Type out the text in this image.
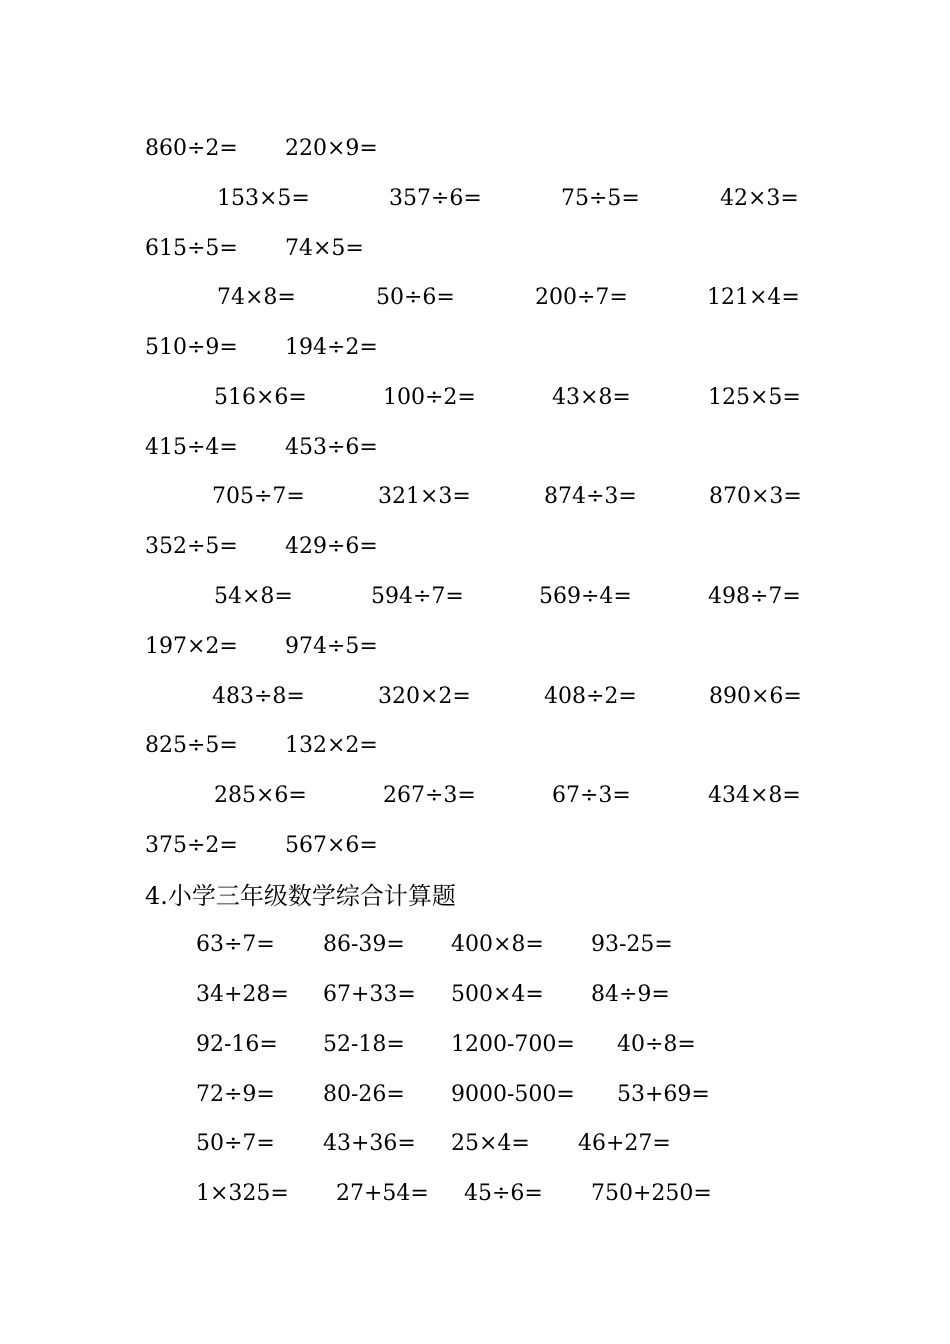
860÷2= 220×9=
153×5=	357÷6=	75÷5=	42×3=
615÷5= 74×5=
74×8=	50÷6=	200÷7=	121×4=
510÷9= 194÷2=
516×6=	100÷2=	43×8=	125×5=
415÷4= 453÷6=
705÷7=	321×3=	874÷3=	870×3=
352÷5= 429÷6=
54×8=	594÷7=	569÷4=	498÷7=
197×2= 974÷5=
483÷8=	320×2=	408÷2=	890×6=
825÷5= 132×2=
285×6=	267÷3=	67÷3=	434×8=
375÷2= 567×6=
4.小学三年级数学综合计算题
63÷7= 86-39= 400×8= 93-25=
34+28= 67+33= 500×4= 84÷9=
92-16= 52-18= 1200-700= 40÷8=
72÷9= 80-26= 9000-500= 53+69=
50÷7= 43+36= 25×4= 46+27=
1×325= 27+54= 45÷6= 750+250=
